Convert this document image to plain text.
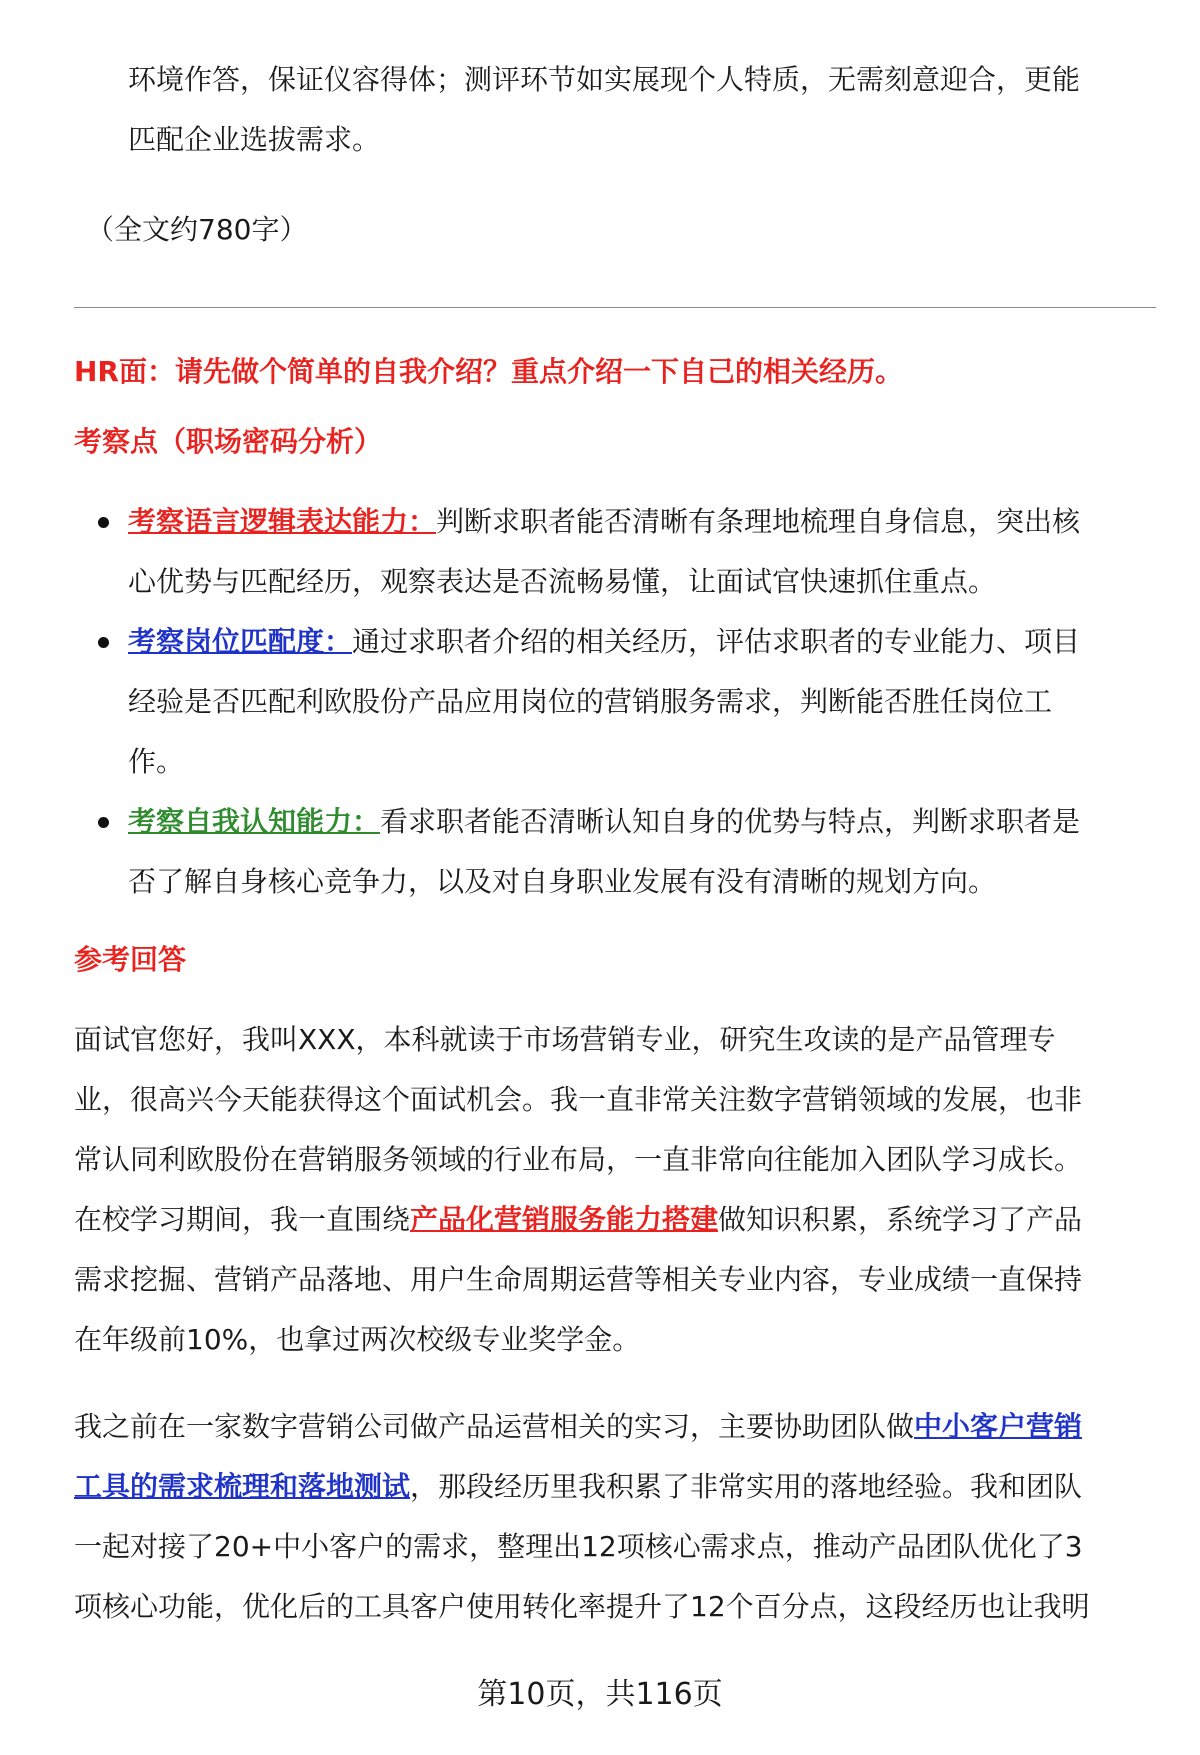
环境作答，保证仪容得体；测评环节如实展现个人特质，无需刻意迎合，更能
匹配企业选拔需求。
（全文约780字）
HR面：请先做个简单的自我介绍？重点介绍一下自己的相关经历。
考察点（职场密码分析）
考察语言逻辑表达能力：判断求职者能否清晰有条理地梳理自身信息，突出核
心优势与匹配经历，观察表达是否流畅易懂，让面试官快速抓住重点。
考察岗位匹配度：通过求职者介绍的相关经历，评估求职者的专业能力、项目
经验是否匹配利欧股份产品应用岗位的营销服务需求，判断能否胜任岗位工
作。
考察自我认知能力：看求职者能否清晰认知自身的优势与特点，判断求职者是
否了解自身核心竞争力，以及对自身职业发展有没有清晰的规划方向。
参考回答
面试官您好，我叫XXX，本科就读于市场营销专业，研究生攻读的是产品管理专
业，很高兴今天能获得这个面试机会。我一直非常关注数字营销领域的发展，也非
常认同利欧股份在营销服务领域的行业布局，一直非常向往能加入团队学习成长。
在校学习期间，我一直围绕产品化营销服务能力搭建做知识积累，系统学习了产品
需求挖掘、营销产品落地、用户生命周期运营等相关专业内容，专业成绩一直保持
在年级前10%，也拿过两次校级专业奖学金。
我之前在一家数字营销公司做产品运营相关的实习，主要协助团队做中小客户营销
工具的需求梳理和落地测试，那段经历里我积累了非常实用的落地经验。我和团队
一起对接了20+中小客户的需求，整理出12项核心需求点，推动产品团队优化了3
项核心功能，优化后的工具客户使用转化率提升了12个百分点，这段经历也让我明
第10页，共116页
